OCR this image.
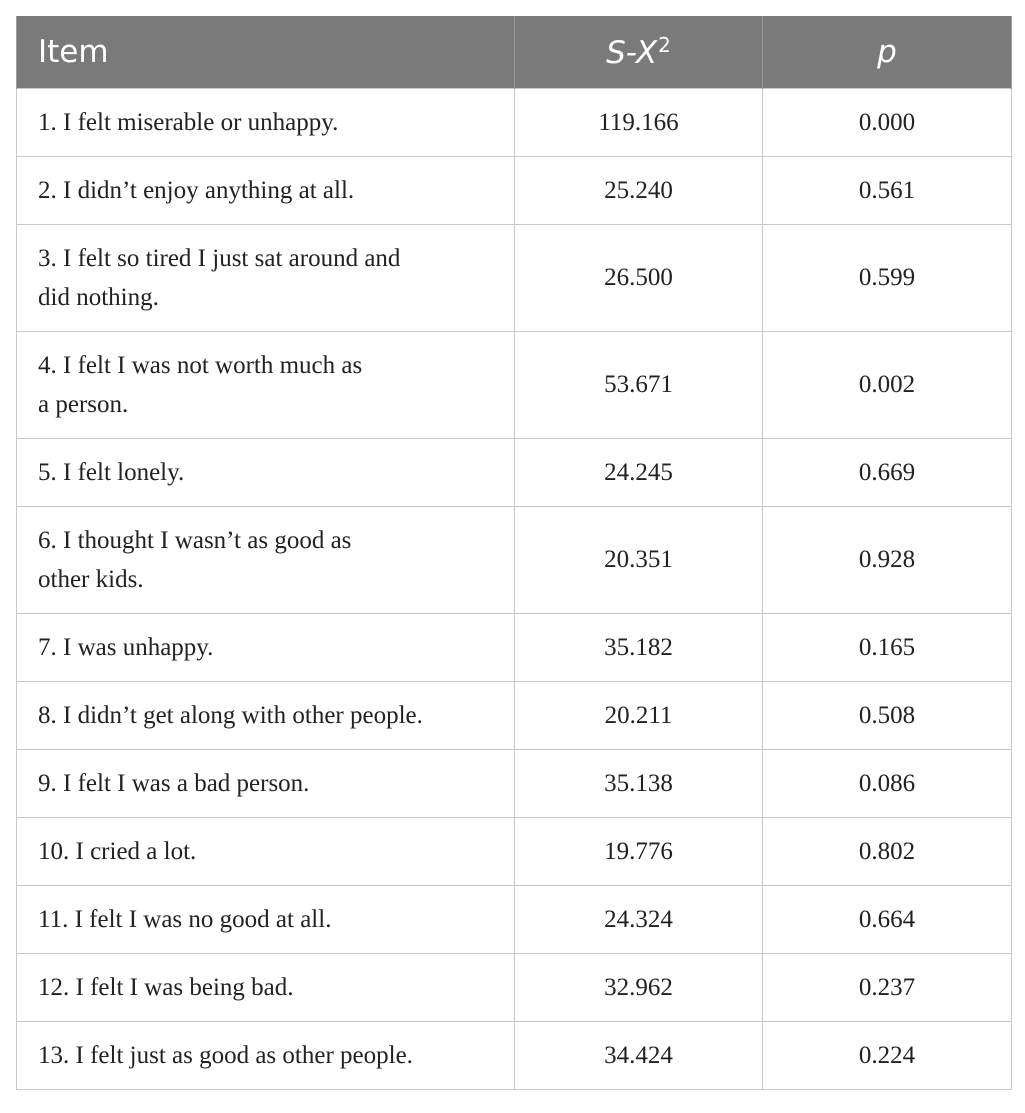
Item	$S-X^2$	p
1. I felt miserable or unhappy.	119.166	0.000
2. I didn’t enjoy anything at all.	25.240	0.561
3. I felt so tired I just sat around and
did nothing.	26.500	0.599
4. I felt I was not worth much as
a person.	53.671	0.002
5. I felt lonely.	24.245	0.669
6. I thought I wasn’t as good as
other kids.	20.351	0.928
7. I was unhappy.	35.182	0.165
8. I didn’t get along with other people.	20.211	0.508
9. I felt I was a bad person.	35.138	0.086
10. I cried a lot.	19.776	0.802
11. I felt I was no good at all.	24.324	0.664
12. I felt I was being bad.	32.962	0.237
13. I felt just as good as other people.	34.424	0.224
